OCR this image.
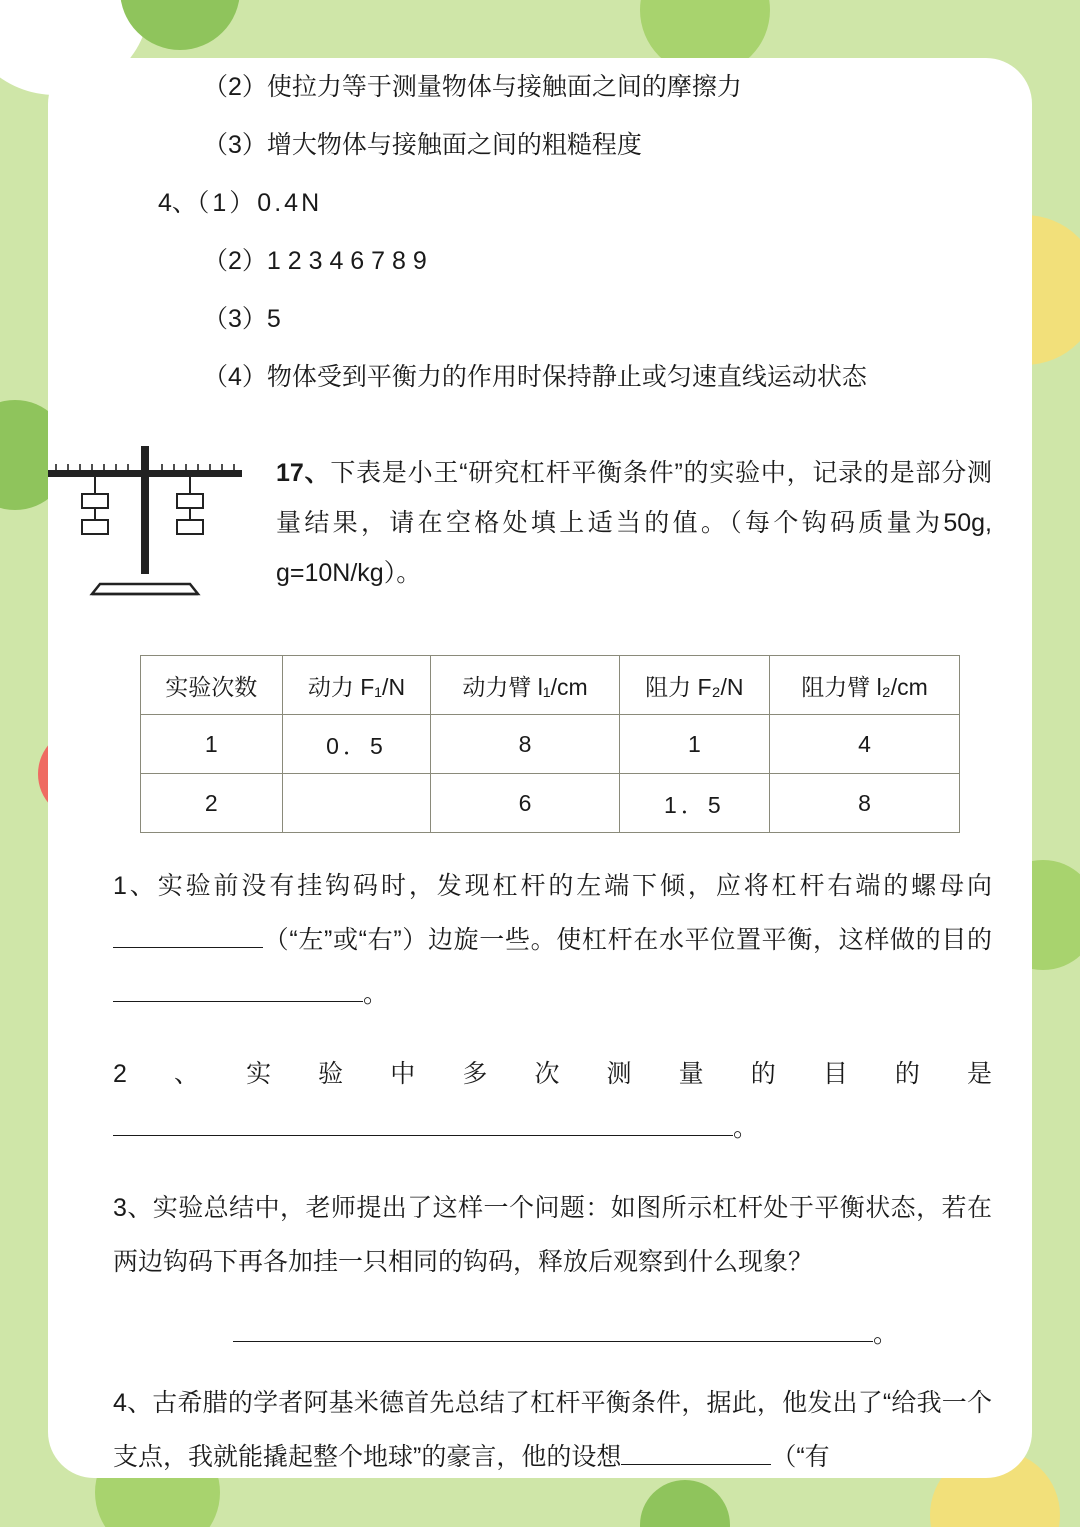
（2）使拉力等于测量物体与接触面之间的摩擦力
（3）增大物体与接触面之间的粗糙程度
4、（1）0.4N
（2）1 2 3 4 6 7 8 9
（3）5
（4）物体受到平衡力的作用时保持静止或匀速直线运动状态
17、下表是小王“研究杠杆平衡条件”的实验中，记录的是部分测量结果，请在空格处填上适当的值。（每个钩码质量为50g, g=10N/kg）。
实验次数	动力 F₁/N	动力臂 l₁/cm	阻力 F₂/N	阻力臂 l₂/cm
1	0．5	8	1	4
2		6	1．5	8

1、实验前没有挂钩码时，发现杠杆的左端下倾，应将杠杆右端的螺母向（“左”或“右”）边旋一些。使杠杆在水平位置平衡，这样做的目的。

2、实验中多次测量的目的是。

3、实验总结中，老师提出了这样一个问题：如图所示杠杆处于平衡状态，若在两边钩码下再各加挂一只相同的钩码，释放后观察到什么现象？

。

4、古希腊的学者阿基米德首先总结了杠杆平衡条件，据此，他发出了“给我一个支点，我就能撬起整个地球”的豪言，他的设想	（“有
